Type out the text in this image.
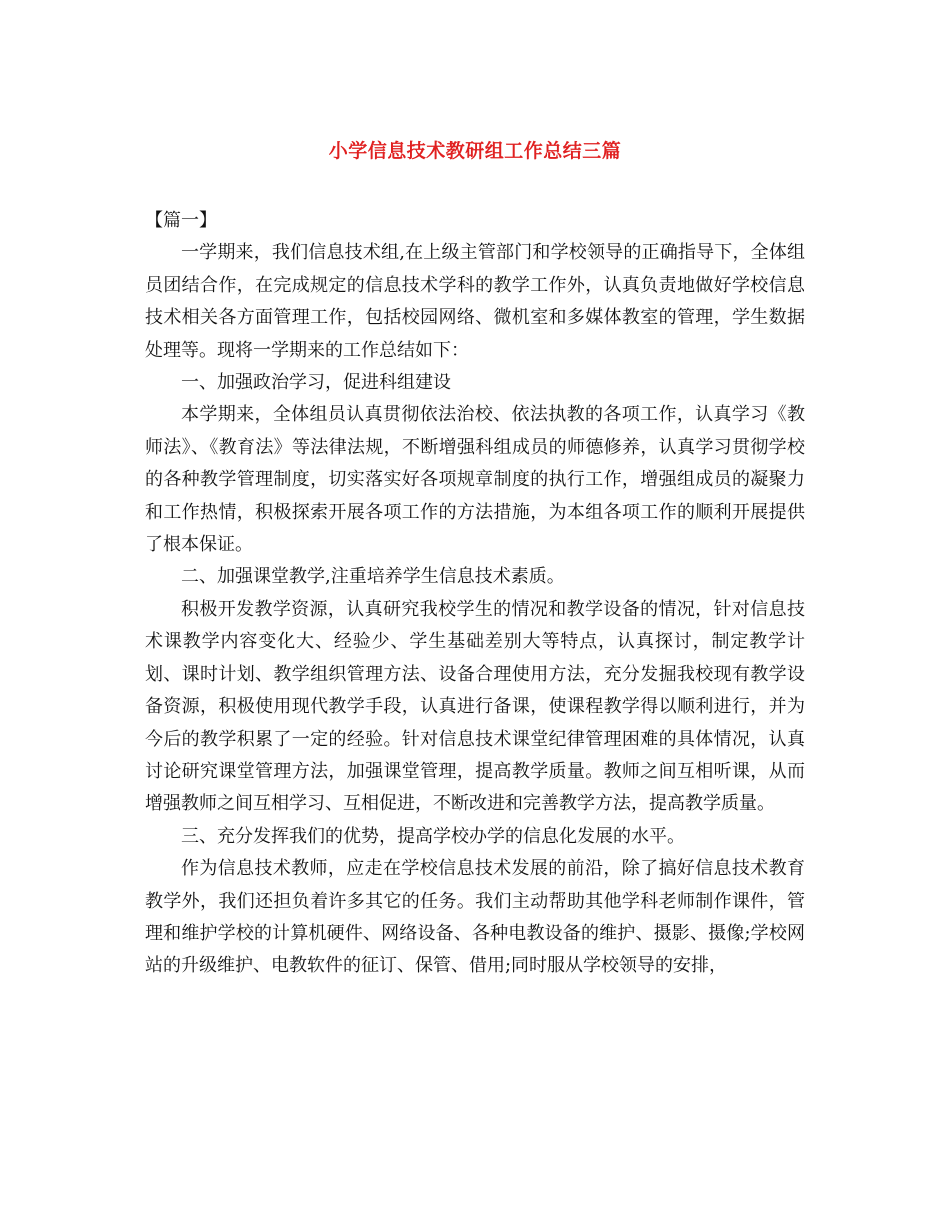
小学信息技术教研组工作总结三篇

【篇一】

一学期来，我们信息技术组,在上级主管部门和学校领导的正确指导下，全体组员团结合作，在完成规定的信息技术学科的教学工作外，认真负责地做好学校信息技术相关各方面管理工作，包括校园网络、微机室和多媒体教室的管理，学生数据处理等。现将一学期来的工作总结如下：

一、加强政治学习，促进科组建设

本学期来，全体组员认真贯彻依法治校、依法执教的各项工作，认真学习《教师法》、《教育法》等法律法规，不断增强科组成员的师德修养，认真学习贯彻学校的各种教学管理制度，切实落实好各项规章制度的执行工作，增强组成员的凝聚力和工作热情，积极探索开展各项工作的方法措施，为本组各项工作的顺利开展提供了根本保证。

二、加强课堂教学,注重培养学生信息技术素质。

积极开发教学资源，认真研究我校学生的情况和教学设备的情况，针对信息技术课教学内容变化大、经验少、学生基础差别大等特点，认真探讨，制定教学计划、课时计划、教学组织管理方法、设备合理使用方法，充分发掘我校现有教学设备资源，积极使用现代教学手段，认真进行备课，使课程教学得以顺利进行，并为今后的教学积累了一定的经验。针对信息技术课堂纪律管理困难的具体情况，认真讨论研究课堂管理方法，加强课堂管理，提高教学质量。教师之间互相听课，从而增强教师之间互相学习、互相促进，不断改进和完善教学方法，提高教学质量。

三、充分发挥我们的优势，提高学校办学的信息化发展的水平。

作为信息技术教师，应走在学校信息技术发展的前沿，除了搞好信息技术教育教学外，我们还担负着许多其它的任务。我们主动帮助其他学科老师制作课件，管理和维护学校的计算机硬件、网络设备、各种电教设备的维护、摄影、摄像;学校网站的升级维护、电教软件的征订、保管、借用;同时服从学校领导的安排，
